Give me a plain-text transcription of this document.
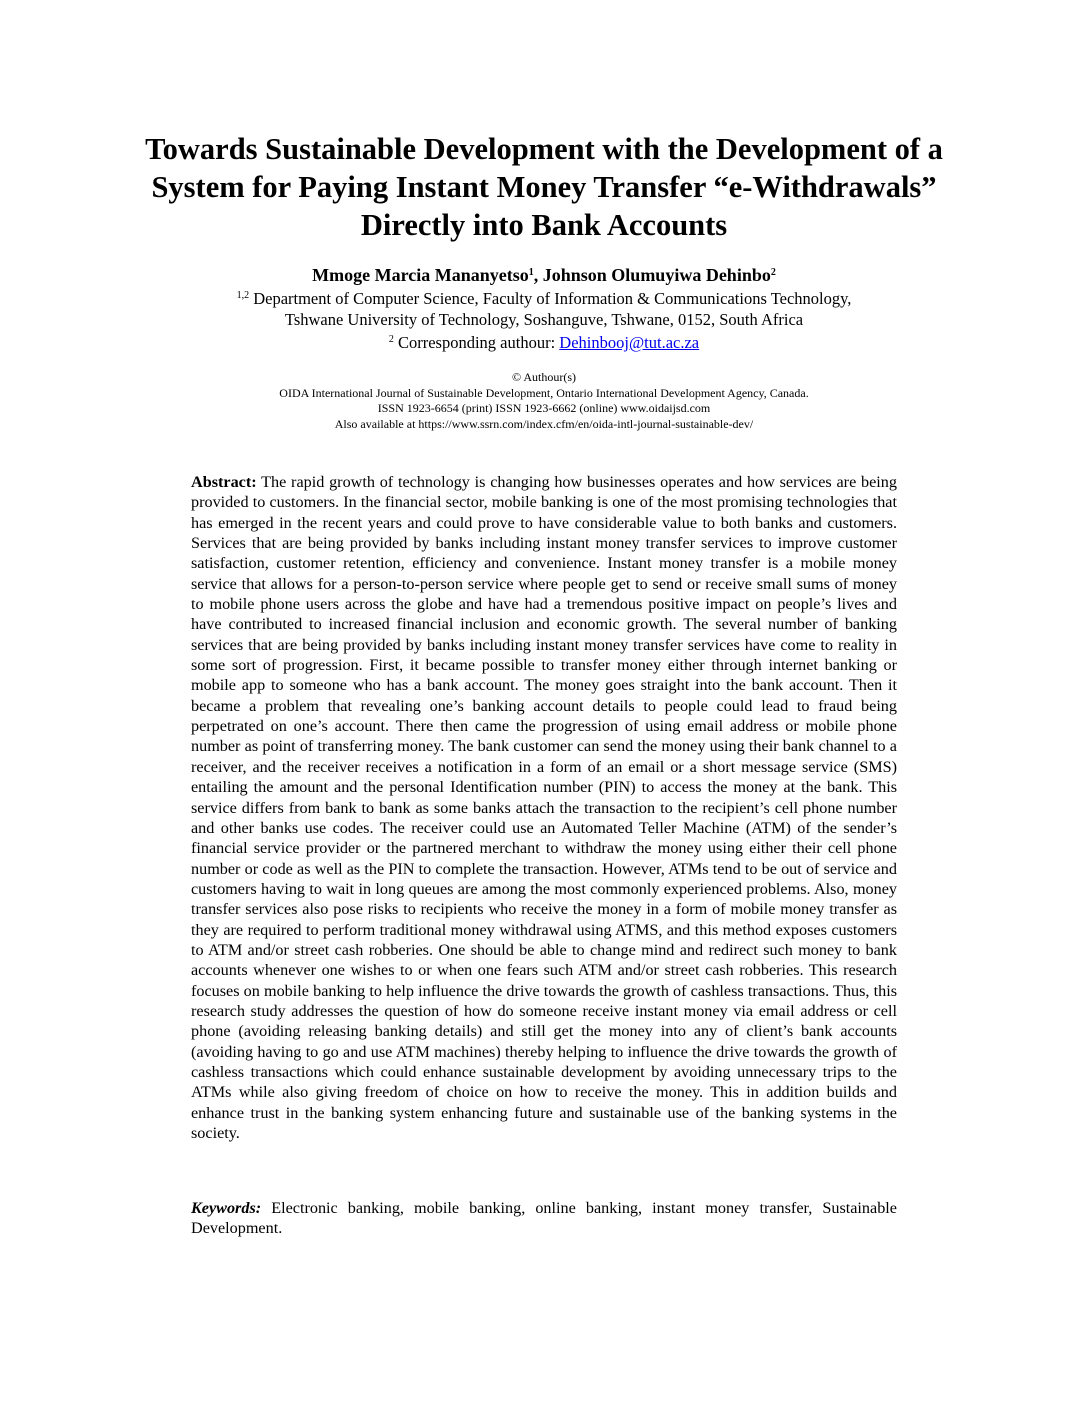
Towards Sustainable Development with the Development of a System for Paying Instant Money Transfer “e-Withdrawals” Directly into Bank Accounts

Mmoge Marcia Mananyetso$^1$, Johnson Olumuyiwa Dehinbo$^2$

$^{1,2}$ Department of Computer Science, Faculty of Information & Communications Technology,
Tshwane University of Technology, Soshanguve, Tshwane, 0152, South Africa

$^2$ Corresponding authour: Dehinbooj@tut.ac.za

© Authour(s)
OIDA International Journal of Sustainable Development, Ontario International Development Agency, Canada.
ISSN 1923-6654 (print) ISSN 1923-6662 (online) www.oidaijsd.com
Also available at https://www.ssrn.com/index.cfm/en/oida-intl-journal-sustainable-dev/

Abstract: The rapid growth of technology is changing how businesses operates and how services are being provided to customers. In the financial sector, mobile banking is one of the most promising technologies that has emerged in the recent years and could prove to have considerable value to both banks and customers. Services that are being provided by banks including instant money transfer services to improve customer satisfaction, customer retention, efficiency and convenience. Instant money transfer is a mobile money service that allows for a person-to-person service where people get to send or receive small sums of money to mobile phone users across the globe and have had a tremendous positive impact on people’s lives and have contributed to increased financial inclusion and economic growth. The several number of banking services that are being provided by banks including instant money transfer services have come to reality in some sort of progression. First, it became possible to transfer money either through internet banking or mobile app to someone who has a bank account. The money goes straight into the bank account. Then it became a problem that revealing one’s banking account details to people could lead to fraud being perpetrated on one’s account. There then came the progression of using email address or mobile phone number as point of transferring money. The bank customer can send the money using their bank channel to a receiver, and the receiver receives a notification in a form of an email or a short message service (SMS) entailing the amount and the personal Identification number (PIN) to access the money at the bank. This service differs from bank to bank as some banks attach the transaction to the recipient’s cell phone number and other banks use codes. The receiver could use an Automated Teller Machine (ATM) of the sender’s financial service provider or the partnered merchant to withdraw the money using either their cell phone number or code as well as the PIN to complete the transaction. However, ATMs tend to be out of service and customers having to wait in long queues are among the most commonly experienced problems. Also, money transfer services also pose risks to recipients who receive the money in a form of mobile money transfer as they are required to perform traditional money withdrawal using ATMS, and this method exposes customers to ATM and/or street cash robberies. One should be able to change mind and redirect such money to bank accounts whenever one wishes to or when one fears such ATM and/or street cash robberies. This research focuses on mobile banking to help influence the drive towards the growth of cashless transactions. Thus, this research study addresses the question of how do someone receive instant money via email address or cell phone (avoiding releasing banking details) and still get the money into any of client’s bank accounts (avoiding having to go and use ATM machines) thereby helping to influence the drive towards the growth of cashless transactions which could enhance sustainable development by avoiding unnecessary trips to the ATMs while also giving freedom of choice on how to receive the money. This in addition builds and enhance trust in the banking system enhancing future and sustainable use of the banking systems in the society.

Keywords: Electronic banking, mobile banking, online banking, instant money transfer, Sustainable Development.
